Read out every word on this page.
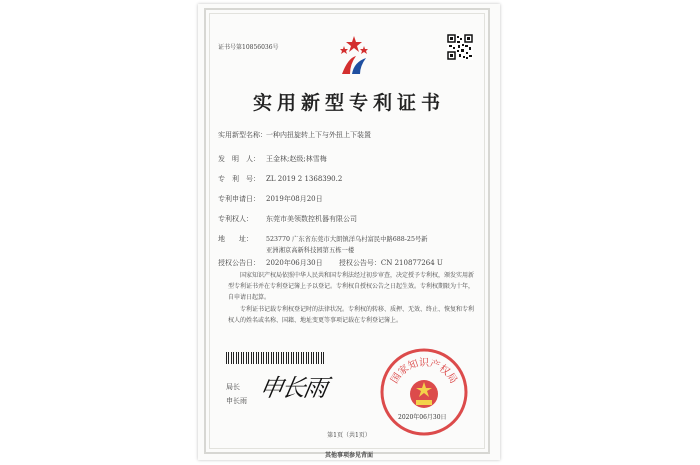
证书号第10856036号
实用新型专利证书
实用新型名称：一种内扭旋转上下与外扭上下装置
发　明　人： 王金林;赵级;林雪梅
专　利　号： ZL 2019 2 1368390.2
专利申请日： 2019年08月20日
专利权人： 东莞市美领数控机器有限公司
地　　址： 523770 广东省东莞市大朗镇洋乌村富民中路688-25号新
亚洲湘京高新科技园第五栋一楼
授权公告日： 2020年06月30日 授权公告号：CN 210877264 U
国家知识产权局依照中华人民共和国专利法经过初步审查，决定授予专利权，颁发实用新型专利证书并在专利登记簿上予以登记。专利权自授权公告之日起生效。专利权期限为十年，自申请日起算。
专利证书记载专利权登记时的法律状况。专利权的转移、质押、无效、终止、恢复和专利权人的姓名或名称、国籍、地址变更等事项记载在专利登记簿上。
局长
申长雨 申长雨	国家知识产权局
2020年06月30日
第1页（共1页）
其他事项参见背面
